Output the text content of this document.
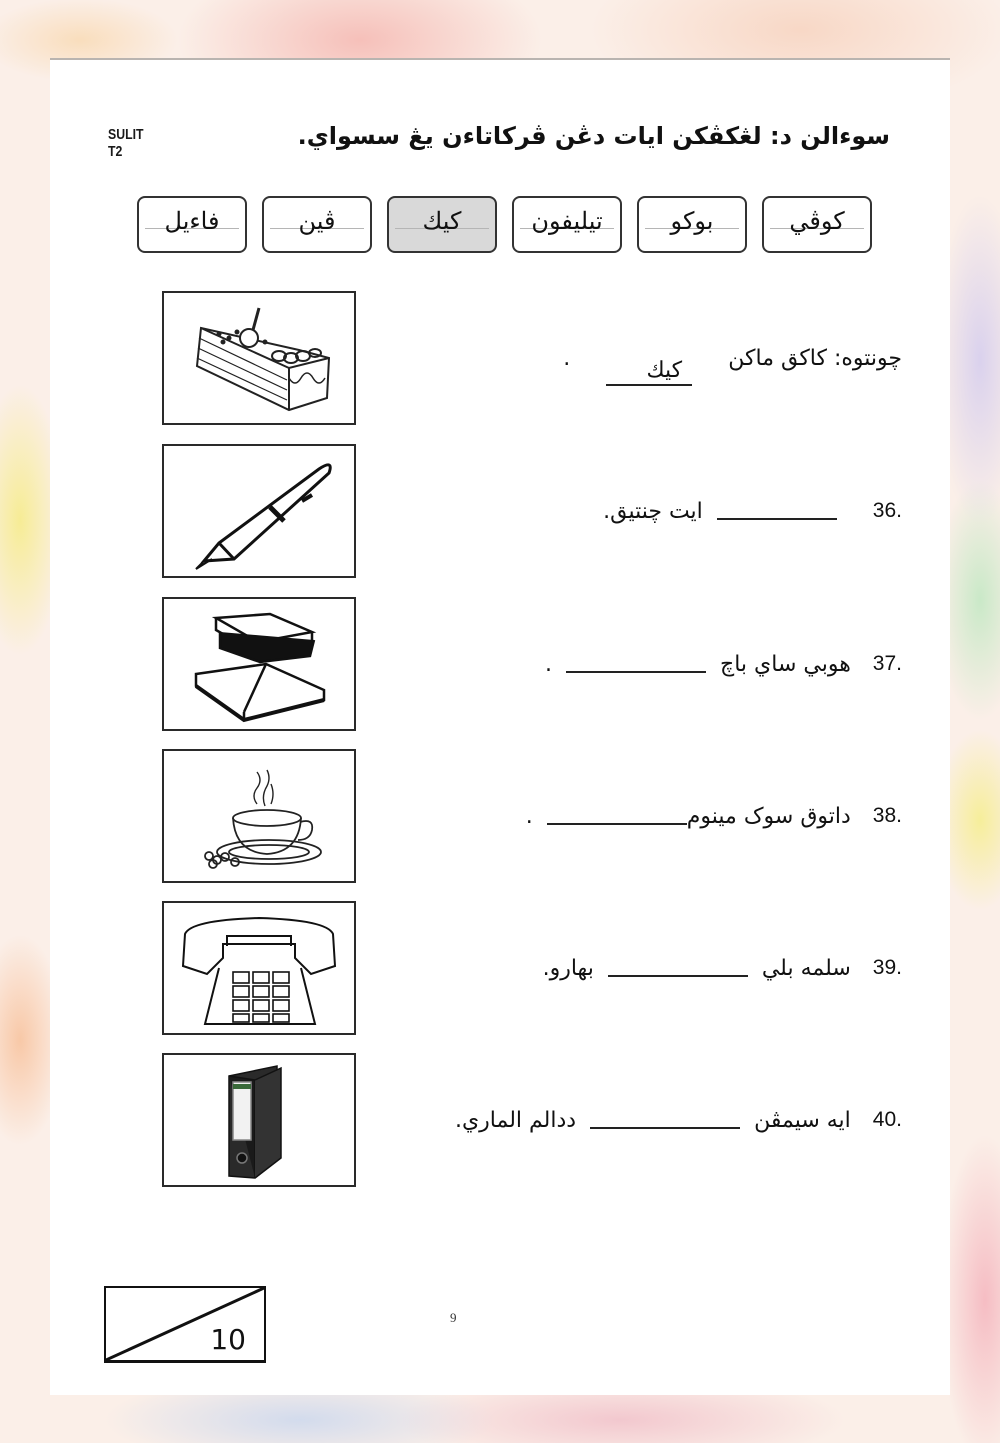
SULIT
T2
سوءالن د: لڠكڤكن ايات دڠن ڤركاتاءن يڠ سسواي.
كوڤي
بوكو
تيليفون
كيك
ڤين
فاءيل
چونتوه: كاكق ماكن
كيك
.
36.
ايت چنتيق.
37.
هوبي ساي باچ
.
38.
داتوق سوک مينوم
.
39.
سلمه بلي
بهارو.
40.
ايه سيمڤن
ددالم الماري.
10
9
